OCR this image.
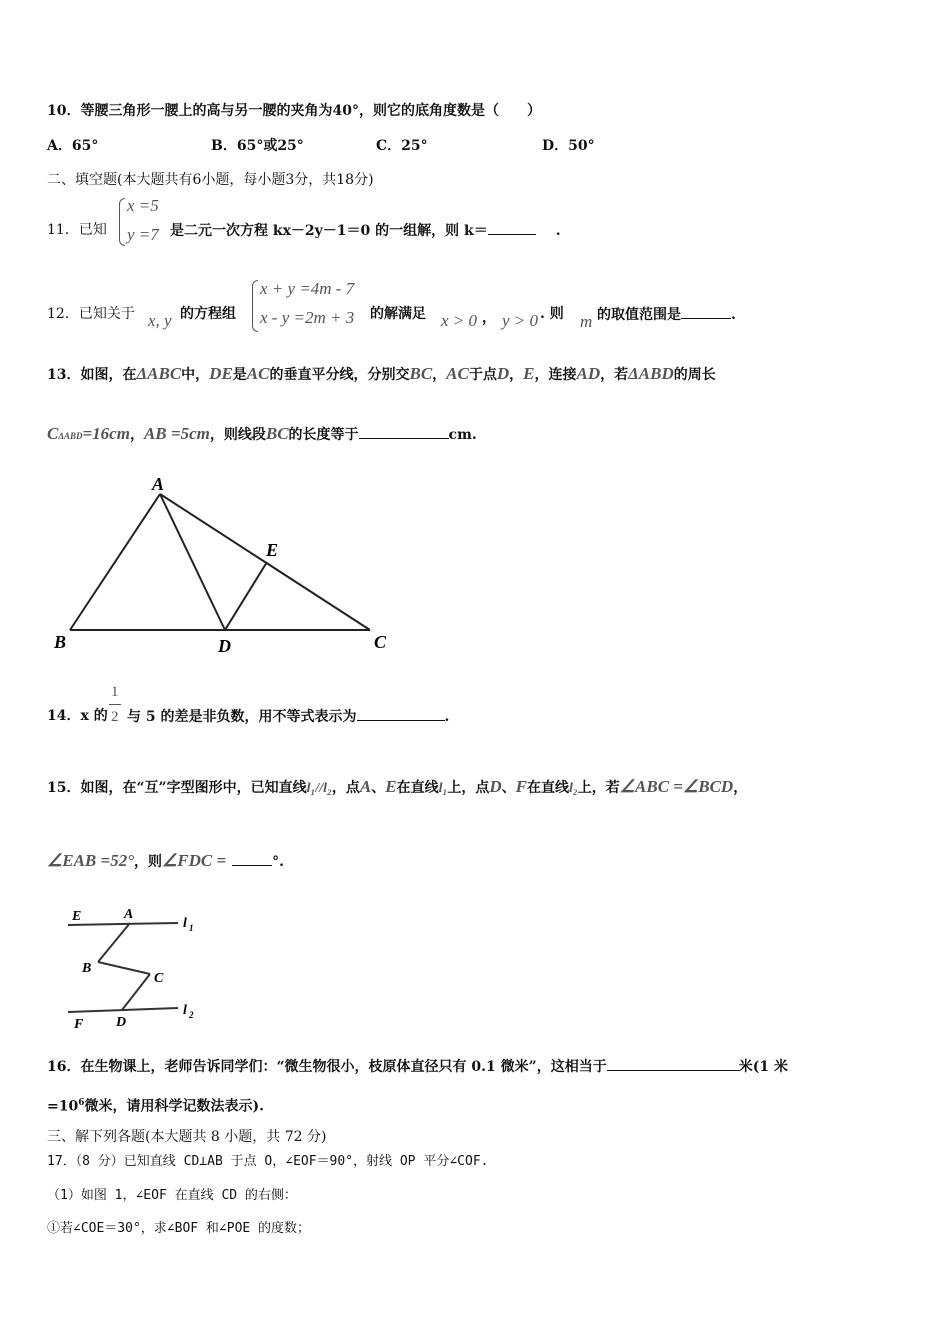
10．等腰三角形一腰上的高与另一腰的夹角为40°，则它的底角度数是（　　）
A．65°	B．65°或25°	C．25°	D．50°
二、填空题(本大题共有6小题，每小题3分，共18分)
11．已知
x =5
y =7 是二元一次方程 kx－2y－1＝0 的一组解，则 k＝	.
12．已知关于 x, y 的方程组
x + y =4m - 7
x - y =2m + 3 的解满足 x > 0 ， y > 0 . 则 m 的取值范围是	.
13．如图，在ΔABC中，DE是AC的垂直平分线，分别交BC，AC于点D，E，连接AD，若ΔABD的周长
CΔABD=16cm，AB =5cm，则线段BC的长度等于	cm.
A
B	C
D
E
14．x 的
1
2 与 5 的差是非负数，用不等式表示为	.
15．如图，在“互”字型图形中，已知直线l₁//l₂，点A、E在直线l₁上，点D、F在直线l₂上，若∠ABC =∠BCD，
∠EAB =52°，则∠FDC =	°.
E	A
l 1
B
C
F D
l 2
16．在生物课上，老师告诉同学们：“微生物很小，枝原体直径只有 0.1 微米”，这相当于	米(1 米
$=10^6$微米，请用科学记数法表示).
三、解下列各题(本大题共 8 小题，共 72 分)
17．（8 分）已知直线 CD⊥AB 于点 O，∠EOF＝90°，射线 OP 平分∠COF.
（1）如图 1，∠EOF 在直线 CD 的右侧：
①若∠COE＝30°，求∠BOF 和∠POE 的度数；
